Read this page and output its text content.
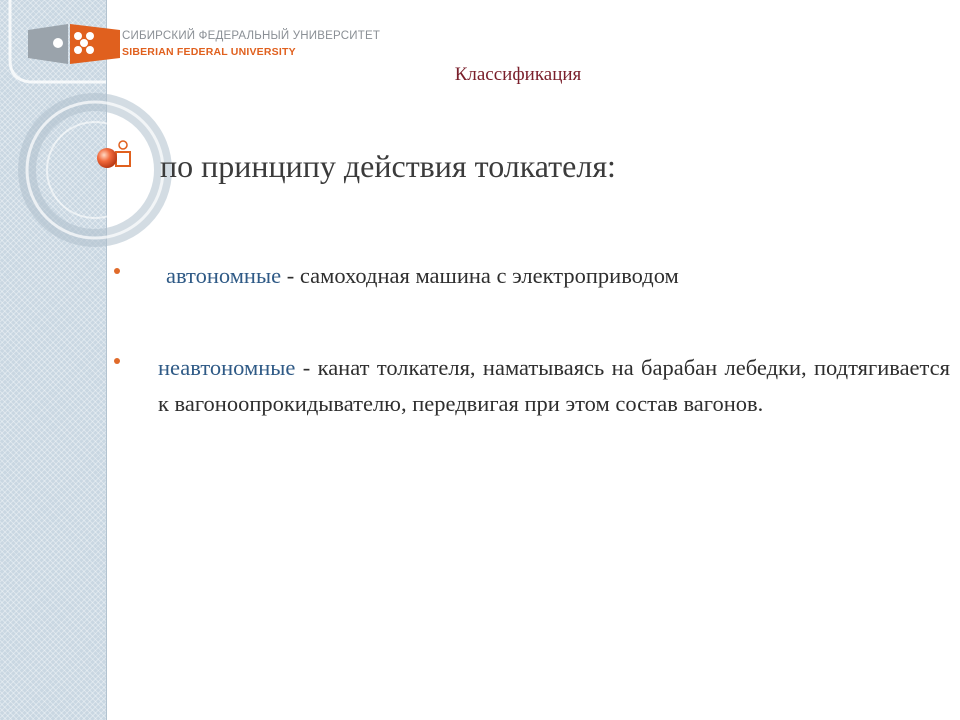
СИБИРСКИЙ ФЕДЕРАЛЬНЫЙ УНИВЕРСИТЕТ
SIBERIAN FEDERAL UNIVERSITY
Классификация
по принципу действия толкателя:
автономные - самоходная машина с электроприводом
неавтономные - канат толкателя, наматываясь на барабан лебедки, подтягивается к вагоноопрокидывателю, передвигая при этом состав вагонов.
